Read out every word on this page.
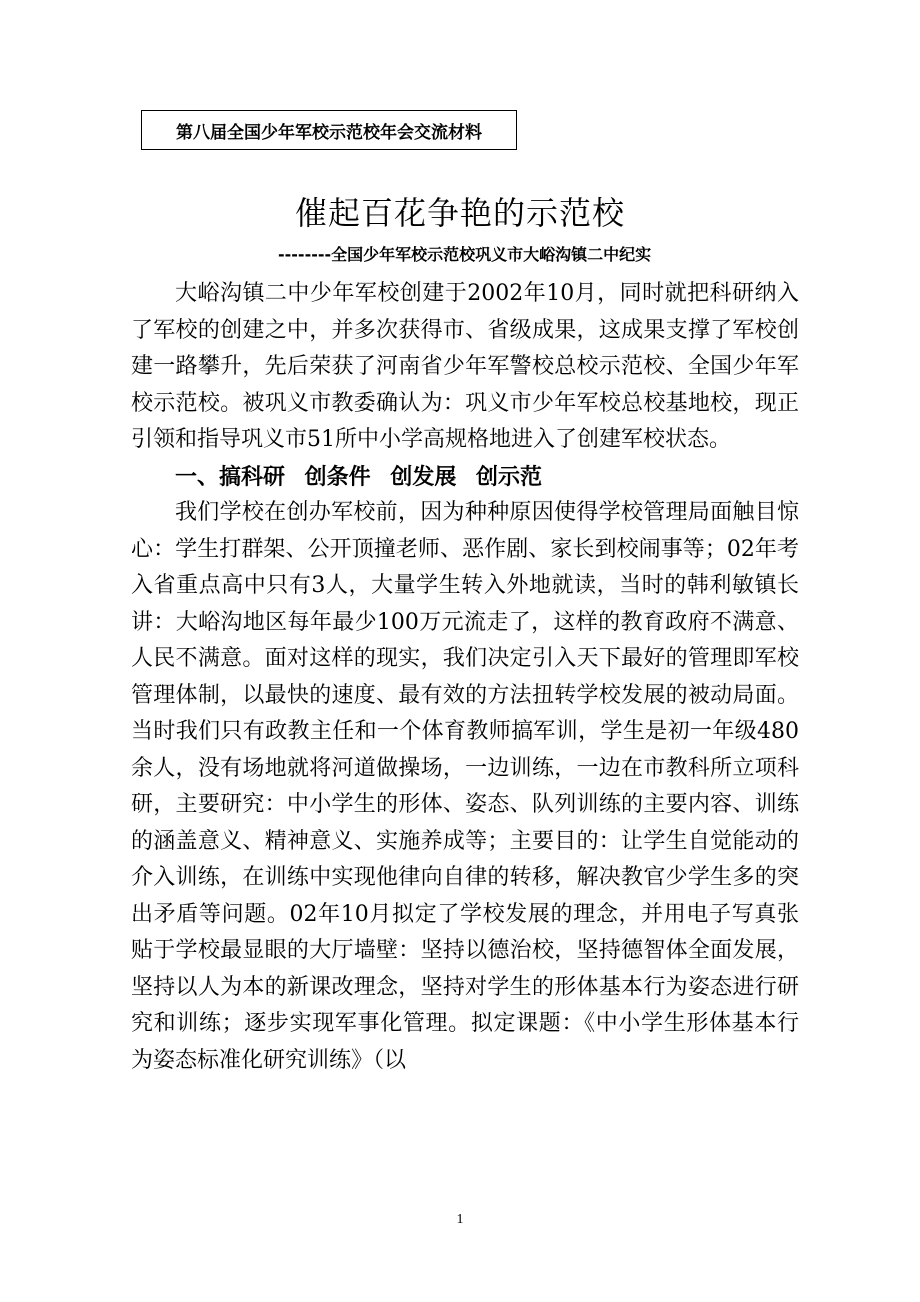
第八届全国少年军校示范校年会交流材料
催起百花争艳的示范校
--------全国少年军校示范校巩义市大峪沟镇二中纪实

大峪沟镇二中少年军校创建于2002年10月，同时就把科研纳入了军校的创建之中，并多次获得市、省级成果，这成果支撑了军校创建一路攀升，先后荣获了河南省少年军警校总校示范校、全国少年军校示范校。被巩义市教委确认为：巩义市少年军校总校基地校，现正引领和指导巩义市51所中小学高规格地进入了创建军校状态。

一、搞科研 创条件 创发展 创示范

我们学校在创办军校前，因为种种原因使得学校管理局面触目惊心：学生打群架、公开顶撞老师、恶作剧、家长到校闹事等；02年考入省重点高中只有3人，大量学生转入外地就读，当时的韩利敏镇长讲：大峪沟地区每年最少100万元流走了，这样的教育政府不满意、人民不满意。面对这样的现实，我们决定引入天下最好的管理即军校管理体制，以最快的速度、最有效的方法扭转学校发展的被动局面。当时我们只有政教主任和一个体育教师搞军训，学生是初一年级480余人，没有场地就将河道做操场，一边训练，一边在市教科所立项科研，主要研究：中小学生的形体、姿态、队列训练的主要内容、训练的涵盖意义、精神意义、实施养成等；主要目的：让学生自觉能动的介入训练，在训练中实现他律向自律的转移，解决教官少学生多的突出矛盾等问题。02年10月拟定了学校发展的理念，并用电子写真张贴于学校最显眼的大厅墙壁：坚持以德治校，坚持德智体全面发展，坚持以人为本的新课改理念，坚持对学生的形体基本行为姿态进行研究和训练；逐步实现军事化管理。拟定课题：《中小学生形体基本行为姿态标准化研究训练》（以

1
